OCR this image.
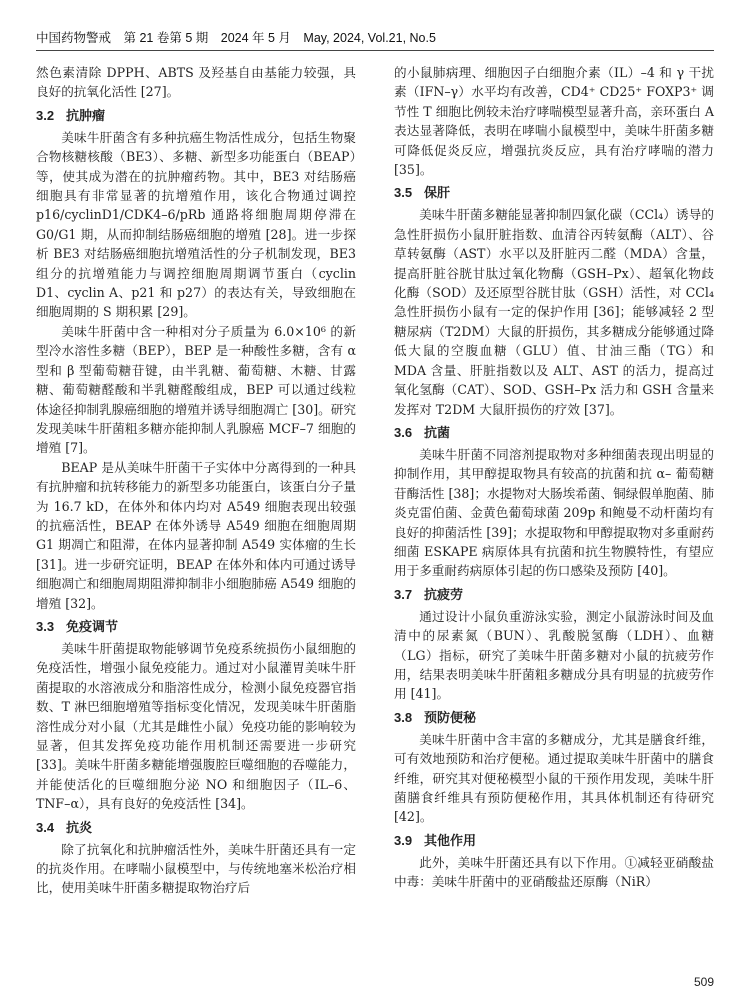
中国药物警戒　第 21 卷第 5 期　2024 年 5 月　May, 2024, Vol.21, No.5

然色素清除 DPPH、ABTS 及羟基自由基能力较强，具良好的抗氧化活性 [27]。

3.2 抗肿瘤

美味牛肝菌含有多种抗癌生物活性成分，包括生物聚合物核糖核酸（BE3）、多糖、新型多功能蛋白（BEAP）等，使其成为潜在的抗肿瘤药物。其中，BE3 对结肠癌细胞具有非常显著的抗增殖作用，该化合物通过调控 p16/cyclinD1/CDK4–6/pRb 通路将细胞周期停滞在 G0/G1 期，从而抑制结肠癌细胞的增殖 [28]。进一步探析 BE3 对结肠癌细胞抗增殖活性的分子机制发现，BE3 组分的抗增殖能力与调控细胞周期调节蛋白（cyclin D1、cyclin A、p21 和 p27）的表达有关，导致细胞在细胞周期的 S 期积累 [29]。

美味牛肝菌中含一种相对分子质量为 6.0×10⁶ 的新型冷水溶性多糖（BEP），BEP 是一种酸性多糖，含有 α 型和 β 型葡萄糖苷键，由半乳糖、葡萄糖、木糖、甘露糖、葡萄糖醛酸和半乳糖醛酸组成，BEP 可以通过线粒体途径抑制乳腺癌细胞的增殖并诱导细胞凋亡 [30]。研究发现美味牛肝菌粗多糖亦能抑制人乳腺癌 MCF–7 细胞的增殖 [7]。

BEAP 是从美味牛肝菌干子实体中分离得到的一种具有抗肿瘤和抗转移能力的新型多功能蛋白，该蛋白分子量为 16.7 kD，在体外和体内均对 A549 细胞表现出较强的抗癌活性，BEAP 在体外诱导 A549 细胞在细胞周期 G1 期凋亡和阻滞，在体内显著抑制 A549 实体瘤的生长 [31]。进一步研究证明，BEAP 在体外和体内可通过诱导细胞凋亡和细胞周期阻滞抑制非小细胞肺癌 A549 细胞的增殖 [32]。

3.3 免疫调节

美味牛肝菌提取物能够调节免疫系统损伤小鼠细胞的免疫活性，增强小鼠免疫能力。通过对小鼠灌胃美味牛肝菌提取的水溶液成分和脂溶性成分，检测小鼠免疫器官指数、T 淋巴细胞增殖等指标变化情况，发现美味牛肝菌脂溶性成分对小鼠（尤其是雌性小鼠）免疫功能的影响较为显著，但其发挥免疫功能作用机制还需要进一步研究 [33]。美味牛肝菌多糖能增强腹腔巨噬细胞的吞噬能力，并能使活化的巨噬细胞分泌 NO 和细胞因子（IL–6、TNF–α），具有良好的免疫活性 [34]。

3.4 抗炎

除了抗氧化和抗肿瘤活性外，美味牛肝菌还具有一定的抗炎作用。在哮喘小鼠模型中，与传统地塞米松治疗相比，使用美味牛肝菌多糖提取物治疗后

的小鼠肺病理、细胞因子白细胞介素（IL）–4 和 γ 干扰素（IFN–γ）水平均有改善，CD4⁺ CD25⁺ FOXP3⁺ 调节性 T 细胞比例较未治疗哮喘模型显著升高，亲环蛋白 A 表达显著降低，表明在哮喘小鼠模型中，美味牛肝菌多糖可降低促炎反应，增强抗炎反应，具有治疗哮喘的潜力 [35]。

3.5 保肝

美味牛肝菌多糖能显著抑制四氯化碳（CCl₄）诱导的急性肝损伤小鼠肝脏指数、血清谷丙转氨酶（ALT）、谷草转氨酶（AST）水平以及肝脏丙二醛（MDA）含量，提高肝脏谷胱甘肽过氧化物酶（GSH–Px）、超氧化物歧化酶（SOD）及还原型谷胱甘肽（GSH）活性，对 CCl₄ 急性肝损伤小鼠有一定的保护作用 [36]；能够减轻 2 型糖尿病（T2DM）大鼠的肝损伤，其多糖成分能够通过降低大鼠的空腹血糖（GLU）值、甘油三酯（TG）和 MDA 含量、肝脏指数以及 ALT、AST 的活力，提高过氧化氢酶（CAT）、SOD、GSH–Px 活力和 GSH 含量来发挥对 T2DM 大鼠肝损伤的疗效 [37]。

3.6 抗菌

美味牛肝菌不同溶剂提取物对多种细菌表现出明显的抑制作用，其甲醇提取物具有较高的抗菌和抗 α– 葡萄糖苷酶活性 [38]；水提物对大肠埃希菌、铜绿假单胞菌、肺炎克雷伯菌、金黄色葡萄球菌 209p 和鲍曼不动杆菌均有良好的抑菌活性 [39]；水提取物和甲醇提取物对多重耐药细菌 ESKAPE 病原体具有抗菌和抗生物膜特性，有望应用于多重耐药病原体引起的伤口感染及预防 [40]。

3.7 抗疲劳

通过设计小鼠负重游泳实验，测定小鼠游泳时间及血清中的尿素氮（BUN）、乳酸脱氢酶（LDH）、血糖（LG）指标，研究了美味牛肝菌多糖对小鼠的抗疲劳作用，结果表明美味牛肝菌粗多糖成分具有明显的抗疲劳作用 [41]。

3.8 预防便秘

美味牛肝菌中含丰富的多糖成分，尤其是膳食纤维，可有效地预防和治疗便秘。通过提取美味牛肝菌中的膳食纤维，研究其对便秘模型小鼠的干预作用发现，美味牛肝菌膳食纤维具有预防便秘作用，其具体机制还有待研究 [42]。

3.9 其他作用

此外，美味牛肝菌还具有以下作用。①减轻亚硝酸盐中毒：美味牛肝菌中的亚硝酸盐还原酶（NiR）

509
